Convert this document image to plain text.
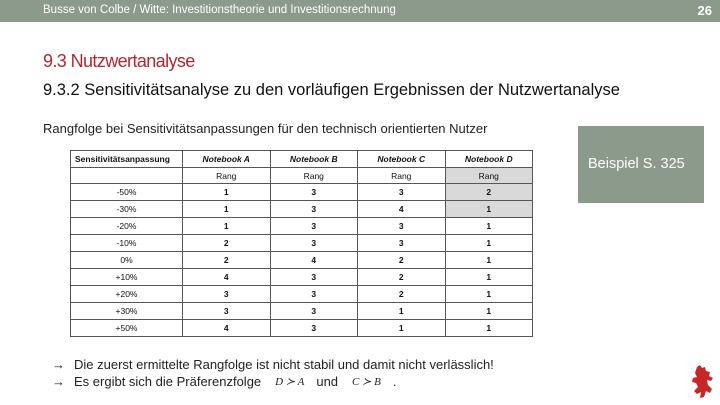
Busse von Colbe / Witte: Investitionstheorie und Investitionsrechnung	26
9.3 Nutzwertanalyse
9.3.2 Sensitivitätsanalyse zu den vorläufigen Ergebnissen der Nutzwertanalyse
Rangfolge bei Sensitivitätsanpassungen für den technisch orientierten Nutzer
Beispiel S. 325
Sensitivitätsanpassung	Notebook A	Notebook B	Notebook C	Notebook D
	Rang	Rang	Rang	Rang
-50%	1	3	3	2
-30%	1	3	4	1
-20%	1	3	3	1
-10%	2	3	3	1
0%	2	4	2	1
+10%	4	3	2	1
+20%	3	3	2	1
+30%	3	3	1	1
+50%	4	3	1	1
→ Die zuerst ermittelte Rangfolge ist nicht stabil und damit nicht verlässlich!
→ Es ergibt sich die Präferenzfolge D ≻ A und C ≻ B .
